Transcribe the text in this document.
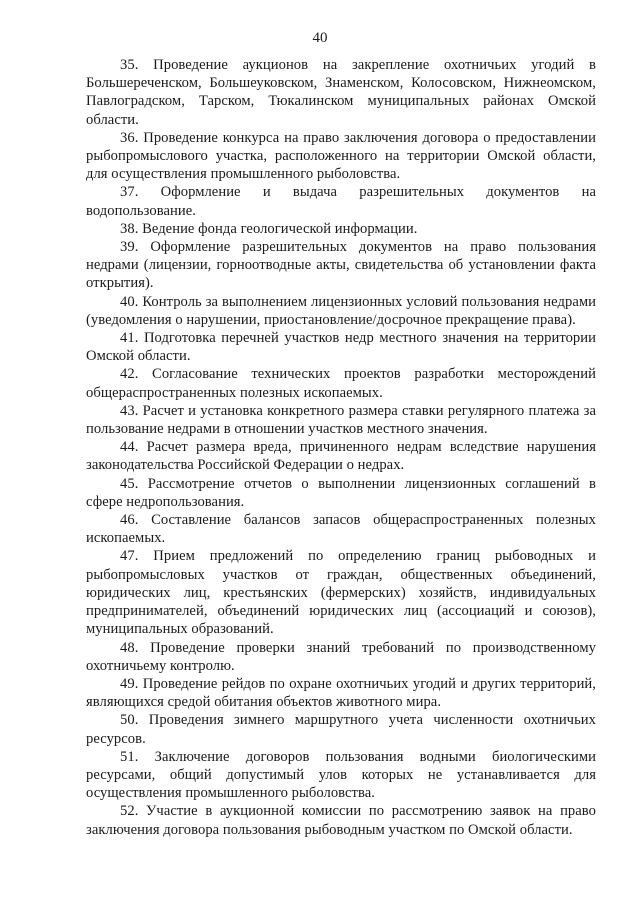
40

35. Проведение аукционов на закрепление охотничьих угодий в Большереченском, Большеуковском, Знаменском, Колосовском, Нижнеомском, Павлоградском, Тарском, Тюкалинском муниципальных районах Омской области.

36. Проведение конкурса на право заключения договора о предоставлении рыбопромыслового участка, расположенного на территории Омской области, для осуществления промышленного рыболовства.

37. Оформление и выдача разрешительных документов на водопользование.

38. Ведение фонда геологической информации.

39. Оформление разрешительных документов на право пользования недрами (лицензии, горноотводные акты, свидетельства об установлении факта открытия).

40. Контроль за выполнением лицензионных условий пользования недрами (уведомления о нарушении, приостановление/досрочное прекращение права).

41. Подготовка перечней участков недр местного значения на территории Омской области.

42. Согласование технических проектов разработки месторождений общераспространенных полезных ископаемых.

43. Расчет и установка конкретного размера ставки регулярного платежа за пользование недрами в отношении участков местного значения.

44. Расчет размера вреда, причиненного недрам вследствие нарушения законодательства Российской Федерации о недрах.

45. Рассмотрение отчетов о выполнении лицензионных соглашений в сфере недропользования.

46. Составление балансов запасов общераспространенных полезных ископаемых.

47. Прием предложений по определению границ рыбоводных и рыбопромысловых участков от граждан, общественных объединений, юридических лиц, крестьянских (фермерских) хозяйств, индивидуальных предпринимателей, объединений юридических лиц (ассоциаций и союзов), муниципальных образований.

48. Проведение проверки знаний требований по производственному охотничьему контролю.

49. Проведение рейдов по охране охотничьих угодий и других территорий, являющихся средой обитания объектов животного мира.

50. Проведения зимнего маршрутного учета численности охотничьих ресурсов.

51. Заключение договоров пользования водными биологическими ресурсами, общий допустимый улов которых не устанавливается для осуществления промышленного рыболовства.

52. Участие в аукционной комиссии по рассмотрению заявок на право заключения договора пользования рыбоводным участком по Омской области.
